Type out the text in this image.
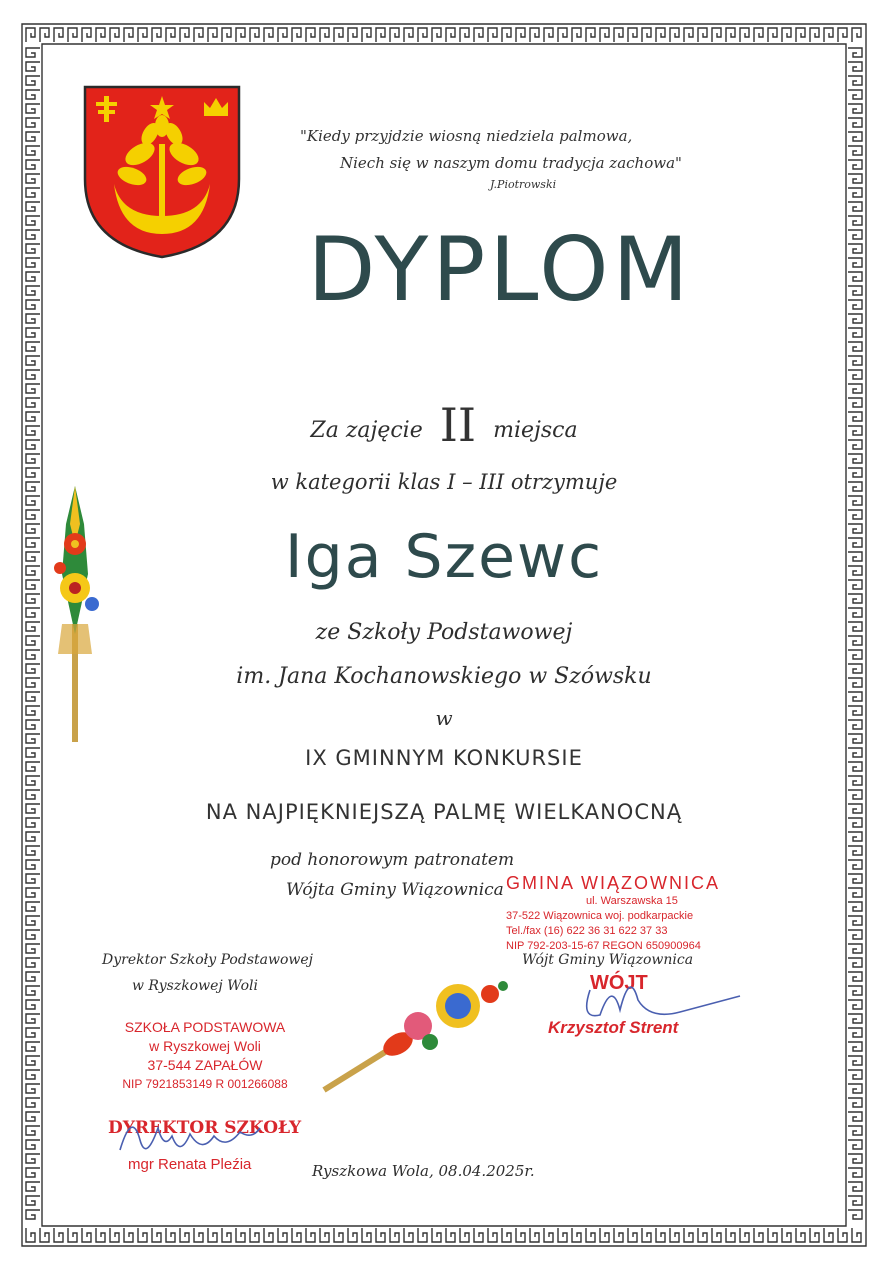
"Kiedy przyjdzie wiosną niedziela palmowa,
Niech się w naszym domu tradycja zachowa"
J.Piotrowski
DYPLOM
Za zajęcie II miejsca
w kategorii klas I – III otrzymuje
Iga Szewc
ze Szkoły Podstawowej
im. Jana Kochanowskiego w Szówsku
w
IX GMINNYM KONKURSIE
NA NAJPIĘKNIEJSZĄ PALMĘ WIELKANOCNĄ
pod honorowym patronatem
Wójta Gminy Wiązownica
Dyrektor Szkoły Podstawowej
w Ryszkowej Woli
SZKOŁA PODSTAWOWA
w Ryszkowej Woli
37-544 ZAPAŁÓW
NIP 7921853149 R 001266088
DYREKTOR SZKOŁY
mgr Renata Pleźia
GMINA WIĄZOWNICA
ul. Warszawska 15
37-522 Wiązownica woj. podkarpackie
Tel./fax (16) 622 36 31 622 37 33
NIP 792-203-15-67 REGON 650900964
Wójt Gminy Wiązownica
WÓJT
Krzysztof Strent
Ryszkowa Wola, 08.04.2025r.
